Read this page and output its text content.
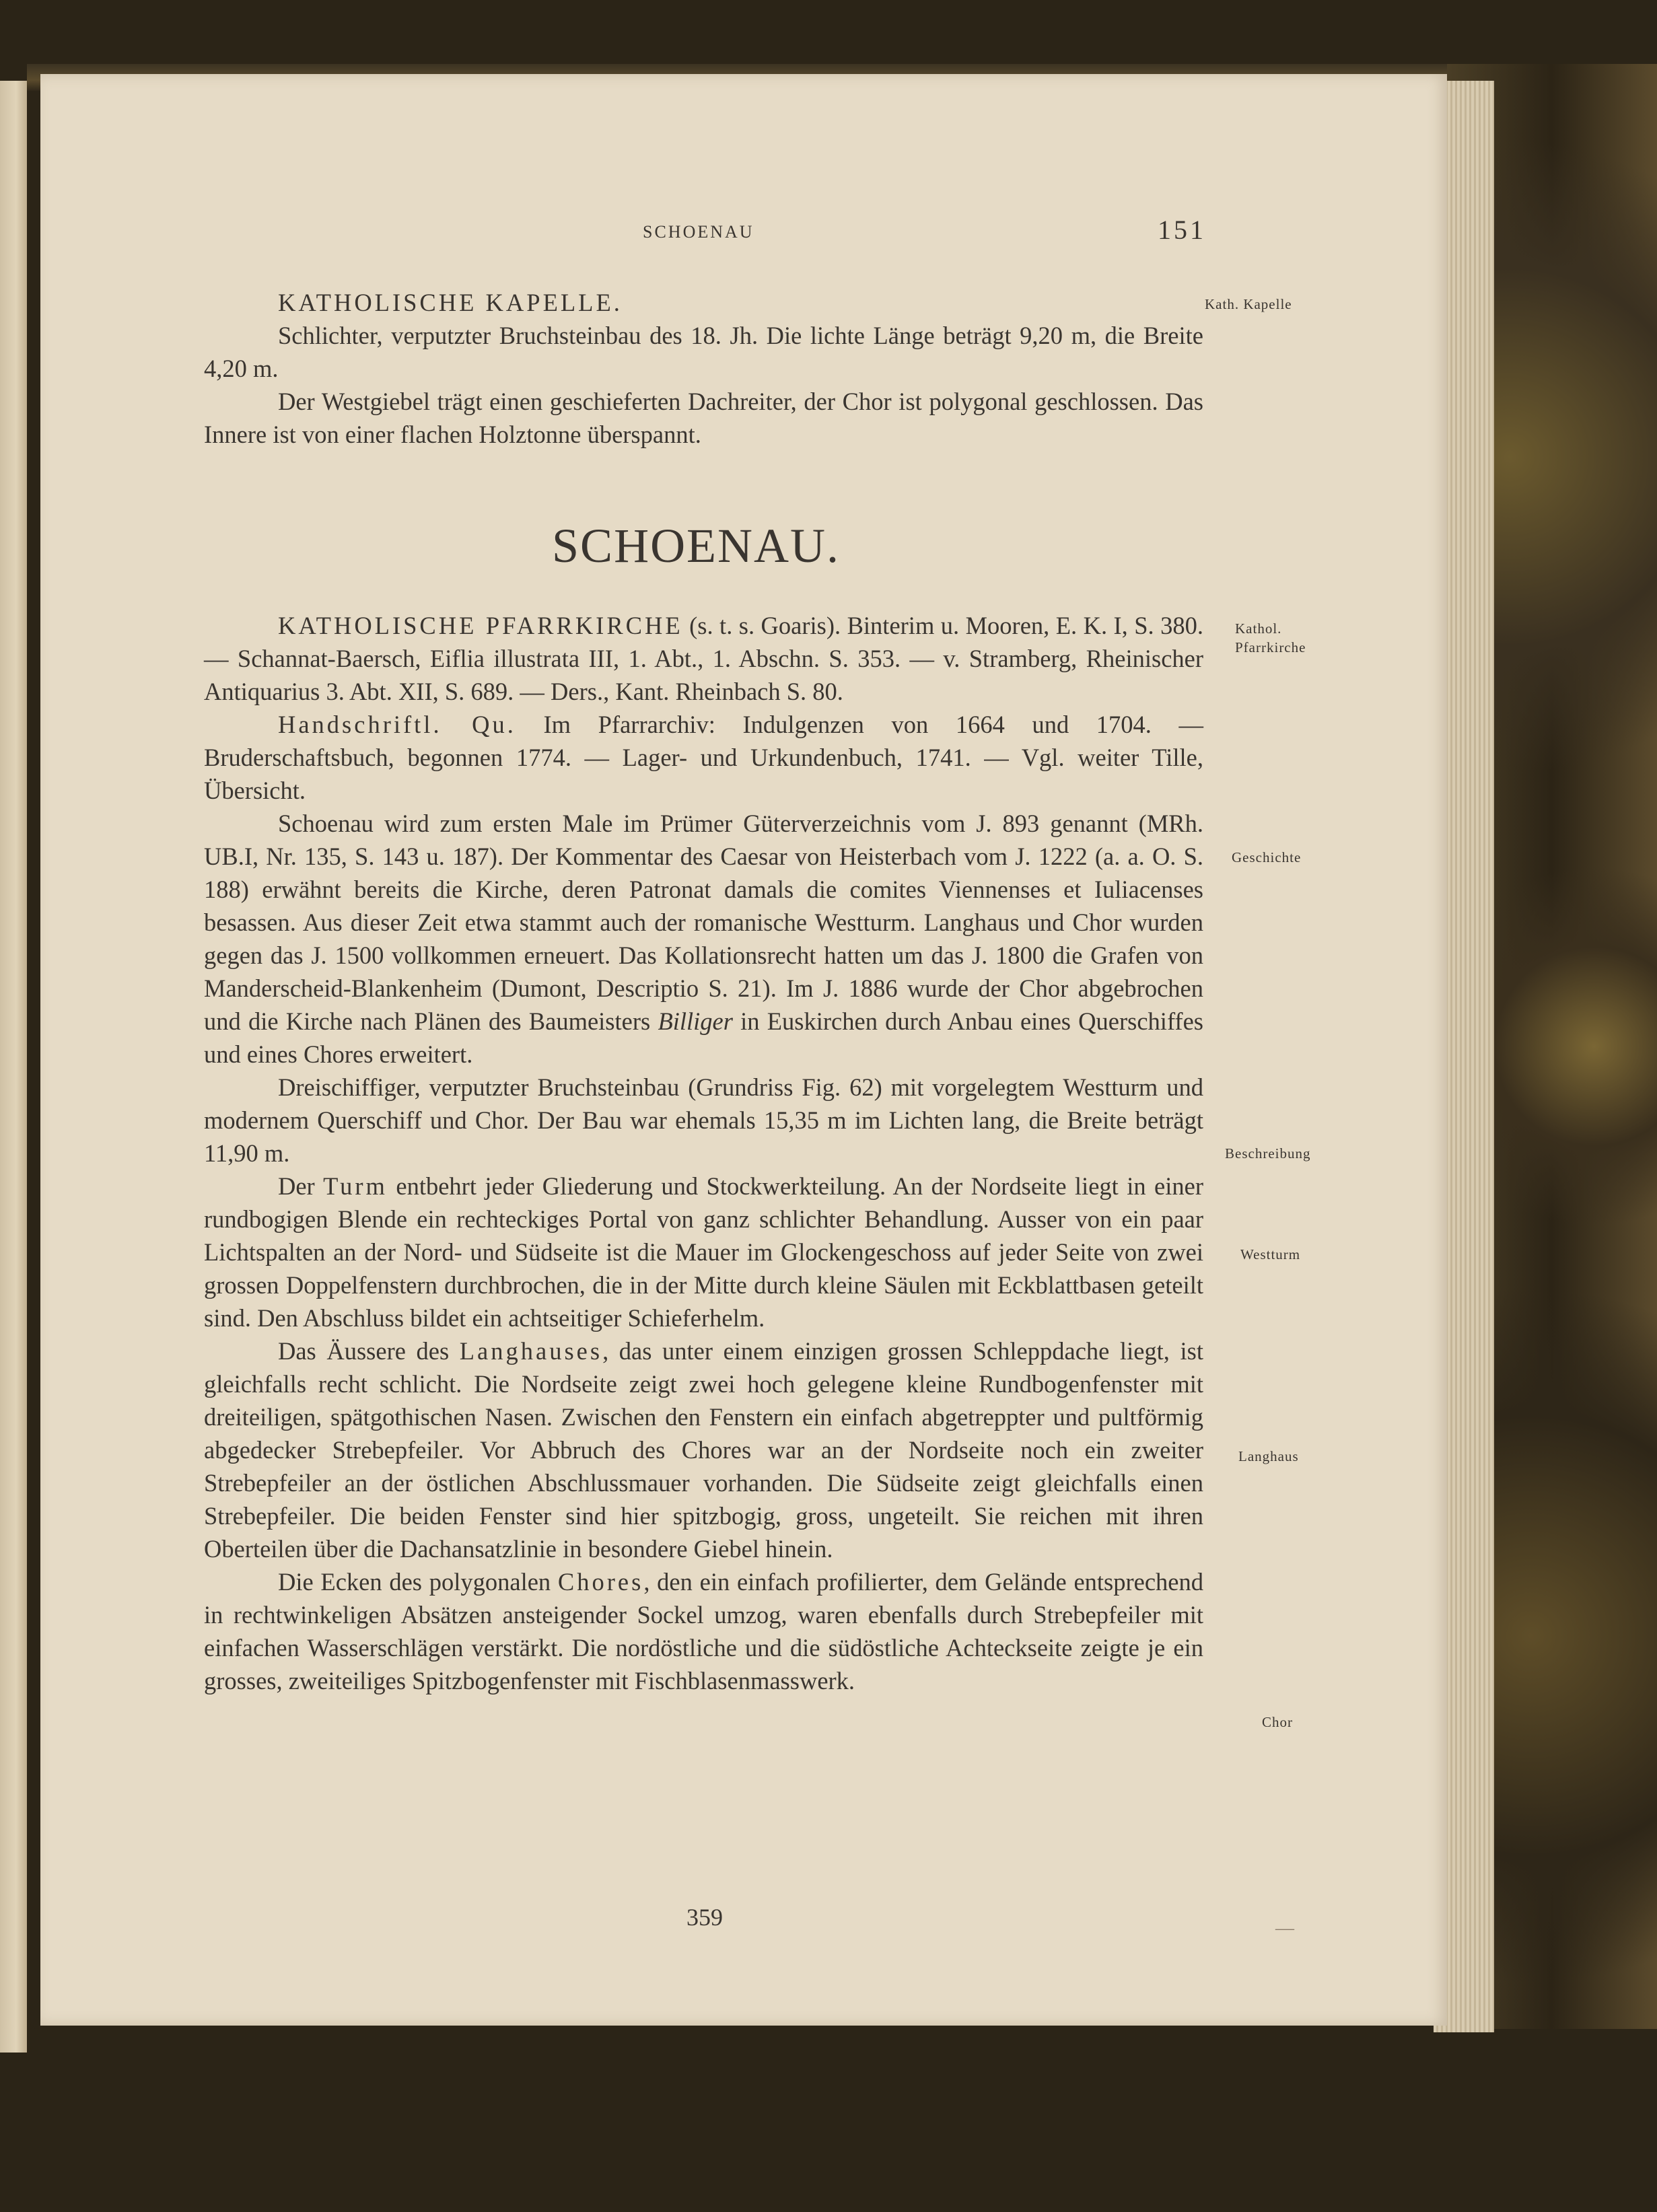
SCHOENAU	151

KATHOLISCHE KAPELLE.

Schlichter, verputzter Bruchsteinbau des 18. Jh. Die lichte Länge beträgt 9,20 m, die Breite 4,20 m.

Der Westgiebel trägt einen geschieferten Dachreiter, der Chor ist polygonal geschlossen. Das Innere ist von einer flachen Holztonne überspannt.

Kath. Kapelle
SCHOENAU.

KATHOLISCHE PFARRKIRCHE (s. t. s. Goaris). Binterim u. Mooren, E. K. I, S. 380. — Schannat-Baersch, Eiflia illustrata III, 1. Abt., 1. Abschn. S. 353. — v. Stramberg, Rheinischer Antiquarius 3. Abt. XII, S. 689. — Ders., Kant. Rheinbach S. 80.

Handschriftl. Qu. Im Pfarrarchiv: Indulgenzen von 1664 und 1704. — Bruderschaftsbuch, begonnen 1774. — Lager- und Urkundenbuch, 1741. — Vgl. weiter Tille, Übersicht.

Schoenau wird zum ersten Male im Prümer Güterverzeichnis vom J. 893 genannt (MRh. UB.I, Nr. 135, S. 143 u. 187). Der Kommentar des Caesar von Heisterbach vom J. 1222 (a. a. O. S. 188) erwähnt bereits die Kirche, deren Patronat damals die comites Viennenses et Iuliacenses besassen. Aus dieser Zeit etwa stammt auch der romanische Westturm. Langhaus und Chor wurden gegen das J. 1500 vollkommen erneuert. Das Kollationsrecht hatten um das J. 1800 die Grafen von Manderscheid-Blankenheim (Dumont, Descriptio S. 21). Im J. 1886 wurde der Chor abgebrochen und die Kirche nach Plänen des Baumeisters Billiger in Euskirchen durch Anbau eines Querschiffes und eines Chores erweitert.

Dreischiffiger, verputzter Bruchsteinbau (Grundriss Fig. 62) mit vorgelegtem Westturm und modernem Querschiff und Chor. Der Bau war ehemals 15,35 m im Lichten lang, die Breite beträgt 11,90 m.

Der Turm entbehrt jeder Gliederung und Stockwerkteilung. An der Nordseite liegt in einer rundbogigen Blende ein rechteckiges Portal von ganz schlichter Behandlung. Ausser von ein paar Lichtspalten an der Nord- und Südseite ist die Mauer im Glockengeschoss auf jeder Seite von zwei grossen Doppelfenstern durchbrochen, die in der Mitte durch kleine Säulen mit Eckblattbasen geteilt sind. Den Abschluss bildet ein achtseitiger Schieferhelm.

Das Äussere des Langhauses, das unter einem einzigen grossen Schleppdache liegt, ist gleichfalls recht schlicht. Die Nordseite zeigt zwei hoch gelegene kleine Rundbogenfenster mit dreiteiligen, spätgothischen Nasen. Zwischen den Fenstern ein einfach abgetreppter und pultförmig abgedecker Strebepfeiler. Vor Abbruch des Chores war an der Nordseite noch ein zweiter Strebepfeiler an der östlichen Abschlussmauer vorhanden. Die Südseite zeigt gleichfalls einen Strebepfeiler. Die beiden Fenster sind hier spitzbogig, gross, ungeteilt. Sie reichen mit ihren Oberteilen über die Dachansatzlinie in besondere Giebel hinein.

Die Ecken des polygonalen Chores, den ein einfach profilierter, dem Gelände entsprechend in rechtwinkeligen Absätzen ansteigender Sockel umzog, waren ebenfalls durch Strebepfeiler mit einfachen Wasserschlägen verstärkt. Die nordöstliche und die südöstliche Achteckseite zeigte je ein grosses, zweiteiliges Spitzbogenfenster mit Fischblasenmasswerk.

Kathol. Pfarrkirche
Geschichte
Beschreibung
Westturm
Langhaus
Chor
359	—
